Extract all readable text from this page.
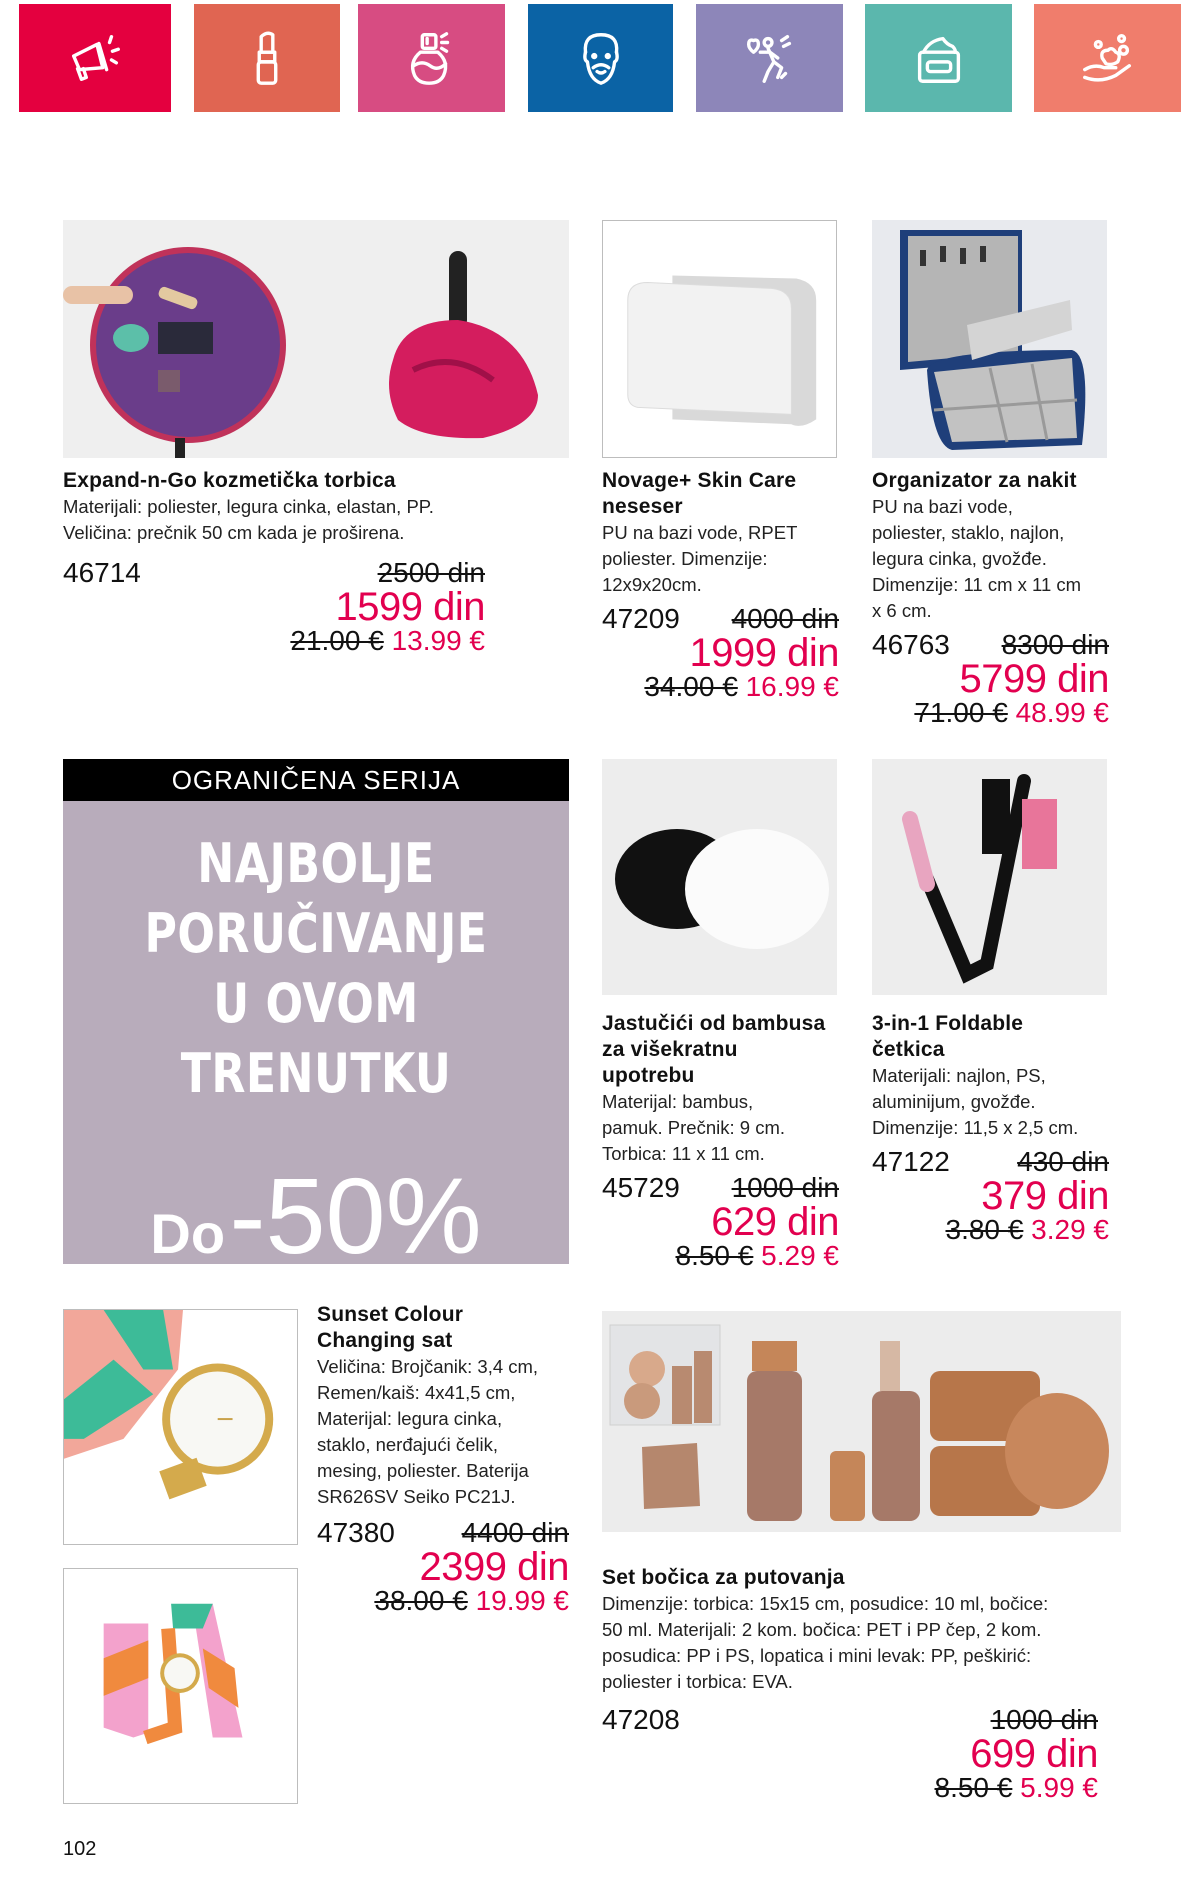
Expand-n-Go kozmetička torbica
Materijali: poliester, legura cinka, elastan, PP.
Veličina: prečnik 50 cm kada je proširena.
46714	2500 din
1599 din
21.00 € 13.99 €
Novage+ Skin Care
neseser
PU na bazi vode, RPET
poliester. Dimenzije:
12x9x20cm.
47209	4000 din
1999 din
34.00 € 16.99 €
Organizator za nakit
PU na bazi vode,
poliester, staklo, najlon,
legura cinka, gvožđe.
Dimenzije: 11 cm x 11 cm
x 6 cm.
46763	8300 din
5799 din
71.00 € 48.99 €
OGRANIČENA SERIJA
NAJBOLJE
PORUČIVANJE
U OVOM TRENUTKU
Do -50%
Jastučići od bambusa
za višekratnu
upotrebu
Materijal: bambus,
pamuk. Prečnik: 9 cm.
Torbica: 11 x 11 cm.
45729	1000 din
629 din
8.50 € 5.29 €
3-in-1 Foldable
četkica
Materijali: najlon, PS,
aluminijum, gvožđe.
Dimenzije: 11,5 x 2,5 cm.
47122	430 din
379 din
3.80 € 3.29 €
Sunset Colour
Changing sat
Veličina: Brojčanik: 3,4 cm,
Remen/kaiš: 4x41,5 cm,
Materijal: legura cinka,
staklo, nerđajući čelik,
mesing, poliester. Baterija
SR626SV Seiko PC21J.
47380	4400 din
2399 din
38.00 € 19.99 €
Set bočica za putovanja
Dimenzije: torbica: 15x15 cm, posudice: 10 ml, bočice:
50 ml. Materijali: 2 kom. bočica: PET i PP čep, 2 kom.
posudica: PP i PS, lopatica i mini levak: PP, peškirić:
poliester i torbica: EVA.
47208	1000 din
699 din
8.50 € 5.99 €
102
